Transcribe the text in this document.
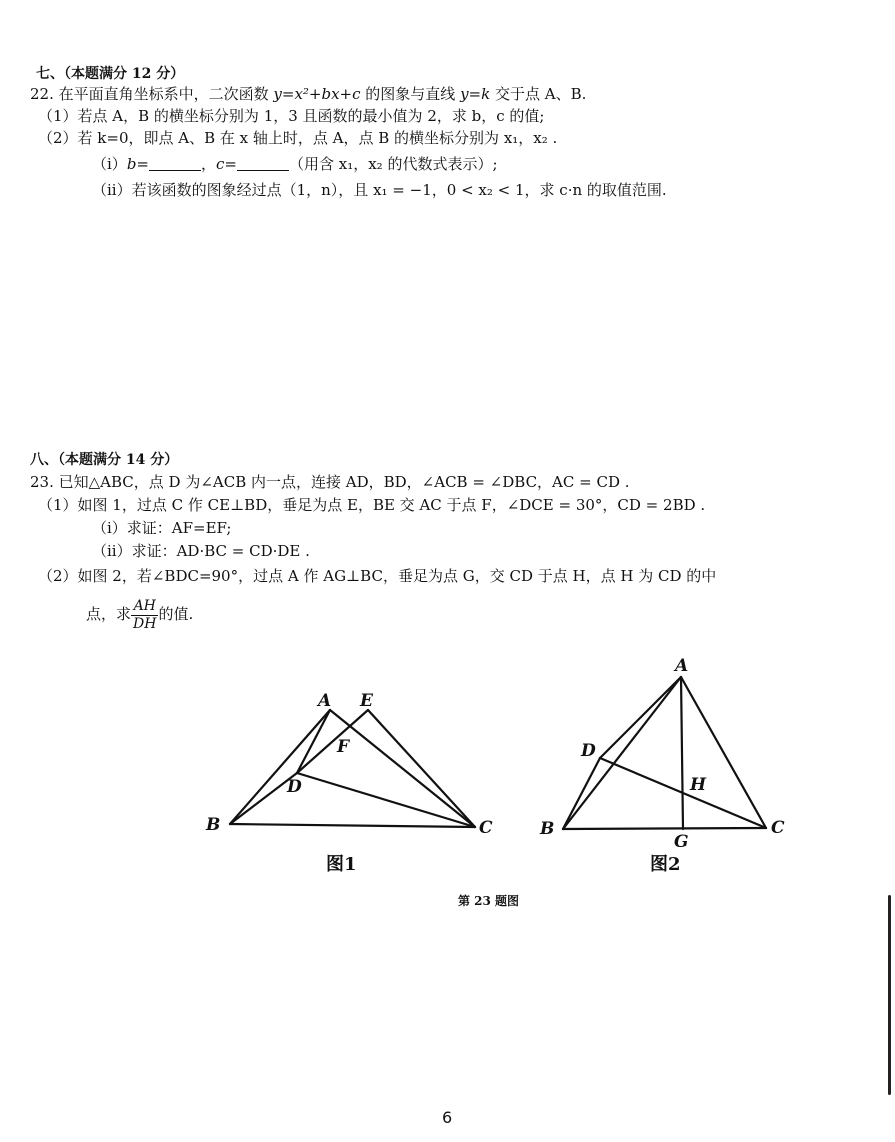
七、（本题满分 12 分）
22. 在平面直角坐标系中，二次函数 y=x²+bx+c 的图象与直线 y=k 交于点 A、B.
（1）若点 A，B 的横坐标分别为 1，3 且函数的最小值为 2，求 b，c 的值;
（2）若 k=0，即点 A、B 在 x 轴上时，点 A，点 B 的横坐标分别为 x₁，x₂ .
（i）b=	，c=	（用含 x₁，x₂ 的代数式表示）;
（ii）若该函数的图象经过点（1，n），且 x₁ = −1，0 < x₂ < 1，求 c·n 的取值范围.
八、（本题满分 14 分）
23. 已知△ABC，点 D 为∠ACB 内一点，连接 AD，BD，∠ACB = ∠DBC，AC = CD .
（1）如图 1，过点 C 作 CE⊥BD，垂足为点 E，BE 交 AC 于点 F，∠DCE = 30°，CD = 2BD .
（i）求证：AF=EF;
（ii）求证：AD·BC = CD·DE .
（2）如图 2，若∠BDC=90°，过点 A 作 AG⊥BC，垂足为点 G，交 CD 于点 H，点 H 为 CD 的中
点，求 $\frac{AH}{DH}$ 的值.
A E
F
D
B	C
图1
A
D
H
B
G
C
图2
第 23 题图
6
